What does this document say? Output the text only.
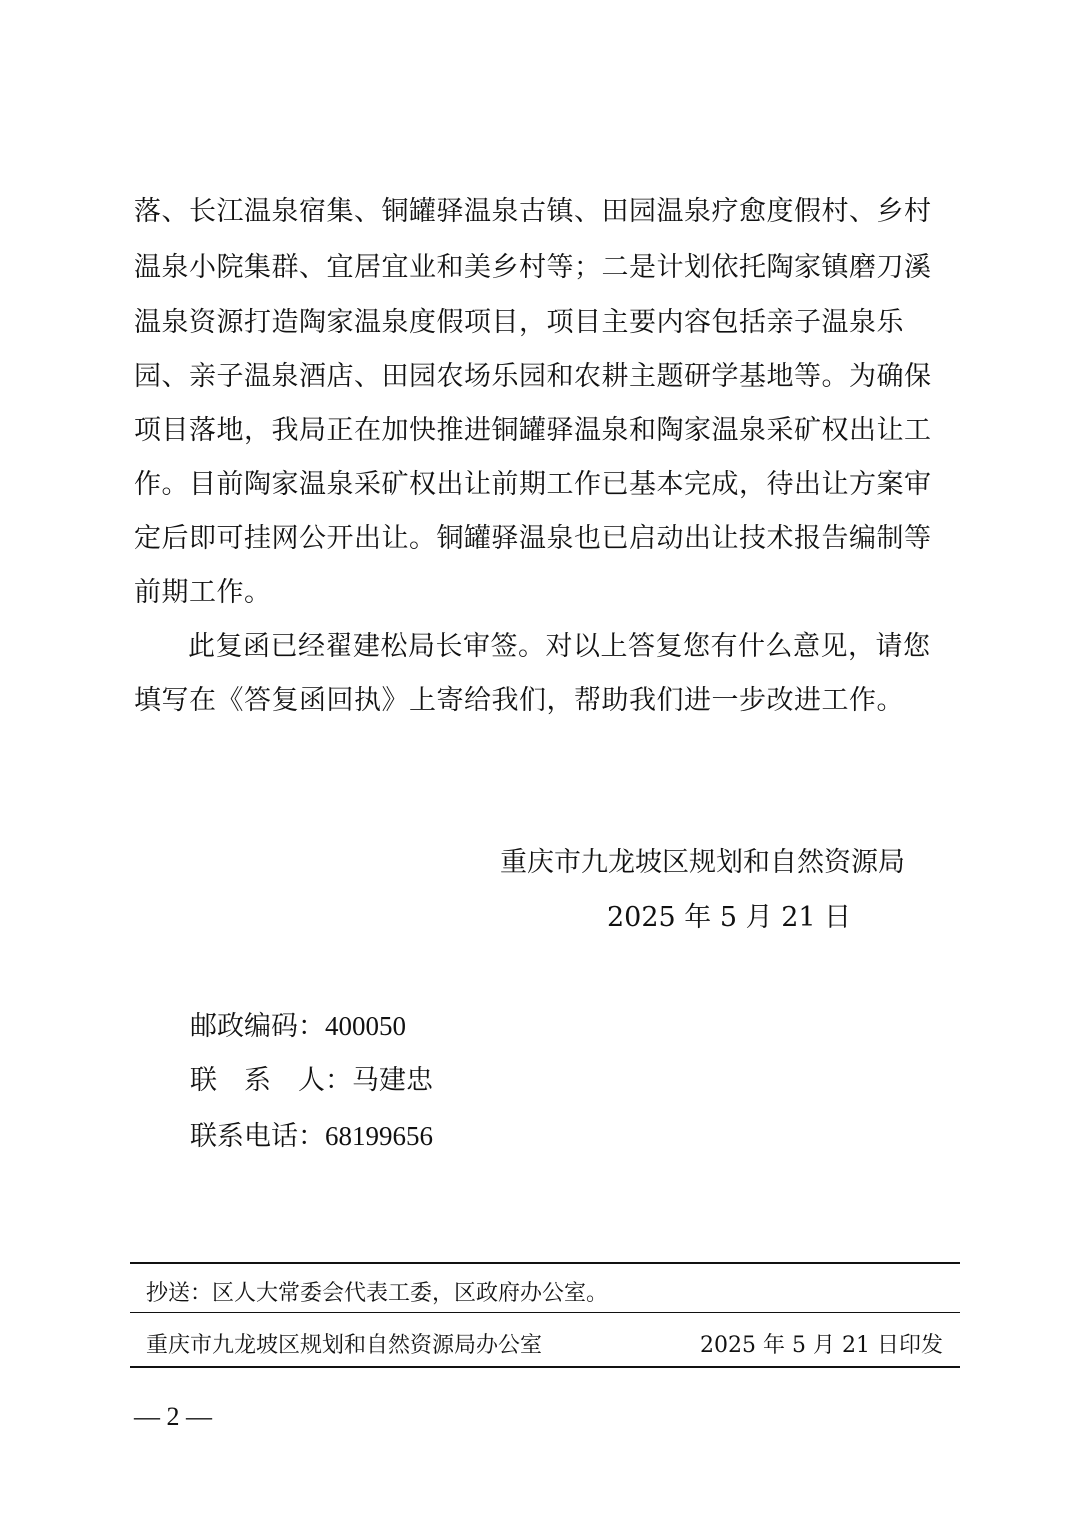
落、长江温泉宿集、铜罐驿温泉古镇、田园温泉疗愈度假村、乡村
温泉小院集群、宜居宜业和美乡村等；二是计划依托陶家镇磨刀溪
温泉资源打造陶家温泉度假项目，项目主要内容包括亲子温泉乐
园、亲子温泉酒店、田园农场乐园和农耕主题研学基地等。为确保
项目落地，我局正在加快推进铜罐驿温泉和陶家温泉采矿权出让工
作。目前陶家温泉采矿权出让前期工作已基本完成，待出让方案审
定后即可挂网公开出让。铜罐驿温泉也已启动出让技术报告编制等
前期工作。
此复函已经翟建松局长审签。对以上答复您有什么意见，请您
填写在《答复函回执》上寄给我们，帮助我们进一步改进工作。
重庆市九龙坡区规划和自然资源局
2025 年 5 月 21 日
邮政编码：400050
联　系　人：马建忠
联系电话：68199656
抄送：区人大常委会代表工委，区政府办公室。
重庆市九龙坡区规划和自然资源局办公室	2025 年 5 月 21 日印发
— 2 —
